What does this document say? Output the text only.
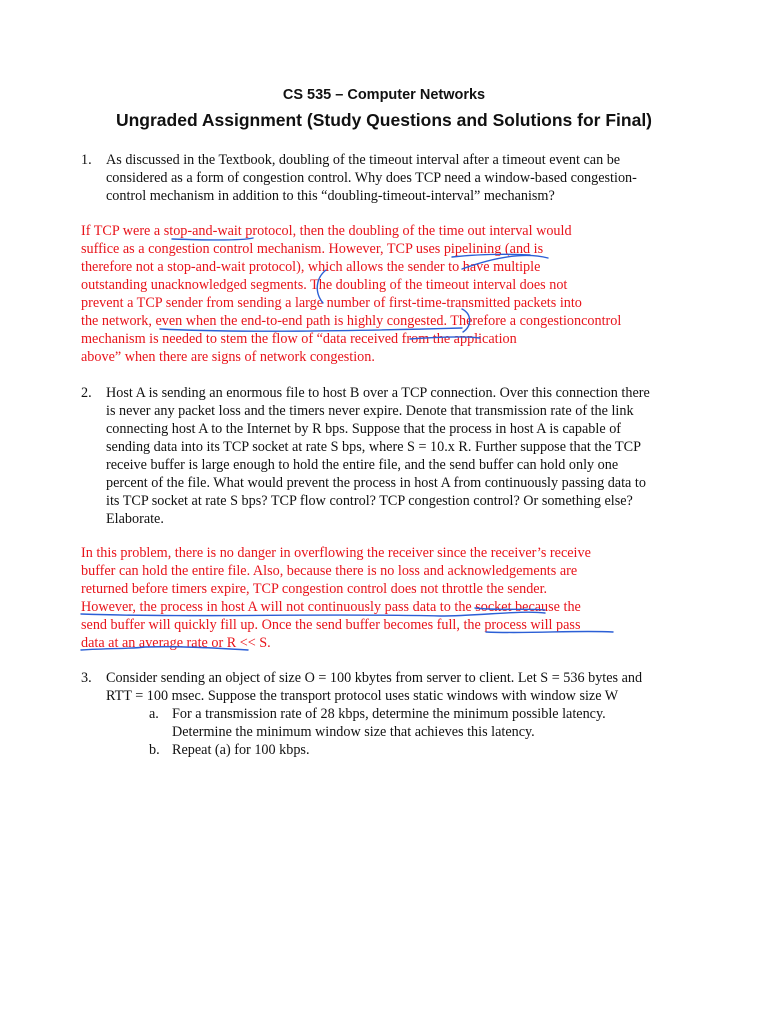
CS 535 – Computer Networks
Ungraded Assignment (Study Questions and Solutions for Final)
1. As discussed in the Textbook, doubling of the timeout interval after a timeout event can be
considered as a form of congestion control. Why does TCP need a window-based congestion-
control mechanism in addition to this “doubling-timeout-interval” mechanism?
If TCP were a stop-and-wait protocol, then the doubling of the time out interval would
suffice as a congestion control mechanism. However, TCP uses pipelining (and is
therefore not a stop-and-wait protocol), which allows the sender to have multiple
outstanding unacknowledged segments. The doubling of the timeout interval does not
prevent a TCP sender from sending a large number of first-time-transmitted packets into
the network, even when the end-to-end path is highly congested. Therefore a congestioncontrol
mechanism is needed to stem the flow of “data received from the application
above” when there are signs of network congestion.
2. Host A is sending an enormous file to host B over a TCP connection. Over this connection there
is never any packet loss and the timers never expire. Denote that transmission rate of the link
connecting host A to the Internet by R bps. Suppose that the process in host A is capable of
sending data into its TCP socket at rate S bps, where S = 10.x R. Further suppose that the TCP
receive buffer is large enough to hold the entire file, and the send buffer can hold only one
percent of the file. What would prevent the process in host A from continuously passing data to
its TCP socket at rate S bps? TCP flow control? TCP congestion control? Or something else?
Elaborate.
In this problem, there is no danger in overflowing the receiver since the receiver’s receive
buffer can hold the entire file. Also, because there is no loss and acknowledgements are
returned before timers expire, TCP congestion control does not throttle the sender.
However, the process in host A will not continuously pass data to the socket because the
send buffer will quickly fill up. Once the send buffer becomes full, the process will pass
data at an average rate or R << S.
3. Consider sending an object of size O = 100 kbytes from server to client. Let S = 536 bytes and
RTT = 100 msec. Suppose the transport protocol uses static windows with window size W
a. For a transmission rate of 28 kbps, determine the minimum possible latency.
Determine the minimum window size that achieves this latency.
b. Repeat (a) for 100 kbps.
